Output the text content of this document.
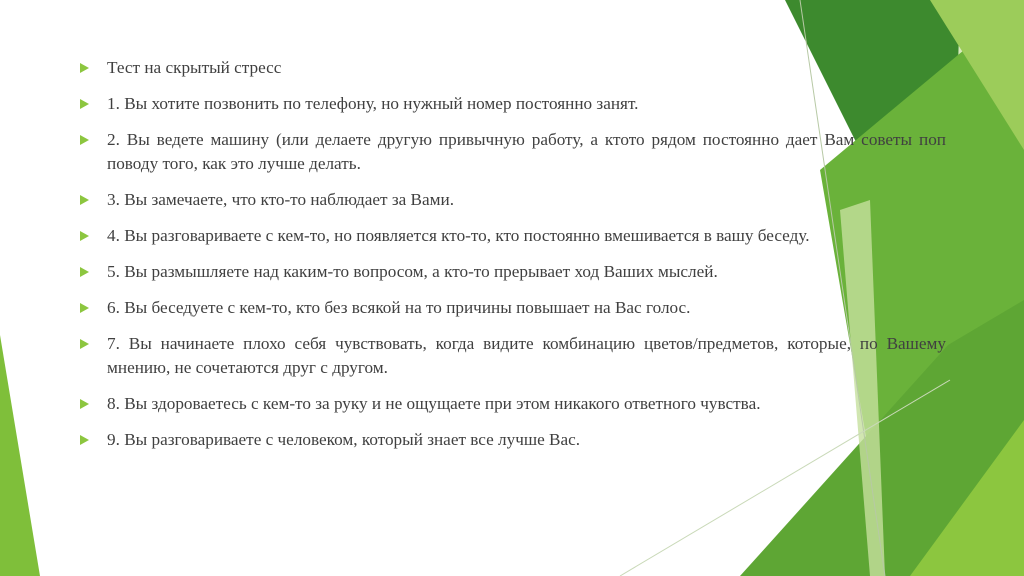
Тест на скрытый стресс
1. Вы хотите позвонить по телефону, но нужный номер постоянно занят.
2. Вы ведете машину (или делаете другую привычную работу, а ктото рядом постоянно дает Вам советы поп поводу того, как это лучше делать.
3. Вы замечаете, что кто-то наблюдает за Вами.
4. Вы разговариваете с кем-то, но появляется кто-то, кто постоянно вмешивается в вашу беседу.
5. Вы размышляете над каким-то вопросом, а кто-то прерывает ход Ваших мыслей.
6. Вы беседуете с кем-то, кто без всякой на то причины повышает на Вас голос.
7. Вы начинаете плохо себя чувствовать, когда видите комбинацию цветов/предметов, которые, по Вашему мнению, не сочетаются друг с другом.
8. Вы здороваетесь с кем-то за руку и не ощущаете при этом никакого ответного чувства.
9. Вы разговариваете с человеком, который знает все лучше Вас.
